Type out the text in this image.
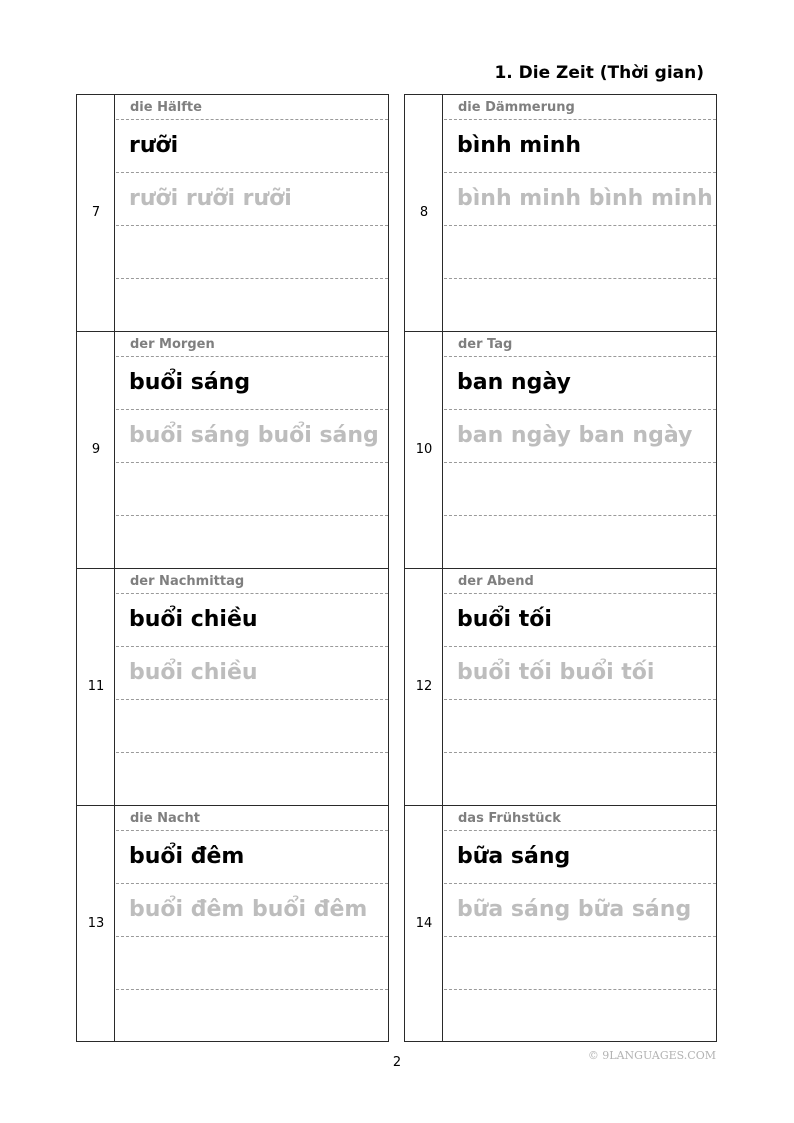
1. Die Zeit (Thời gian)
7
die Hälfte
rưỡi
rưỡi rưỡi rưỡi
8
die Dämmerung
bình minh
bình minh bình minh
9
der Morgen
buổi sáng
buổi sáng buổi sáng
10
der Tag
ban ngày
ban ngày ban ngày
11
der Nachmittag
buổi chiều
buổi chiều
12
der Abend
buổi tối
buổi tối buổi tối
13
die Nacht
buổi đêm
buổi đêm buổi đêm
14
das Frühstück
bữa sáng
bữa sáng bữa sáng
2	© 9LANGUAGES.COM
